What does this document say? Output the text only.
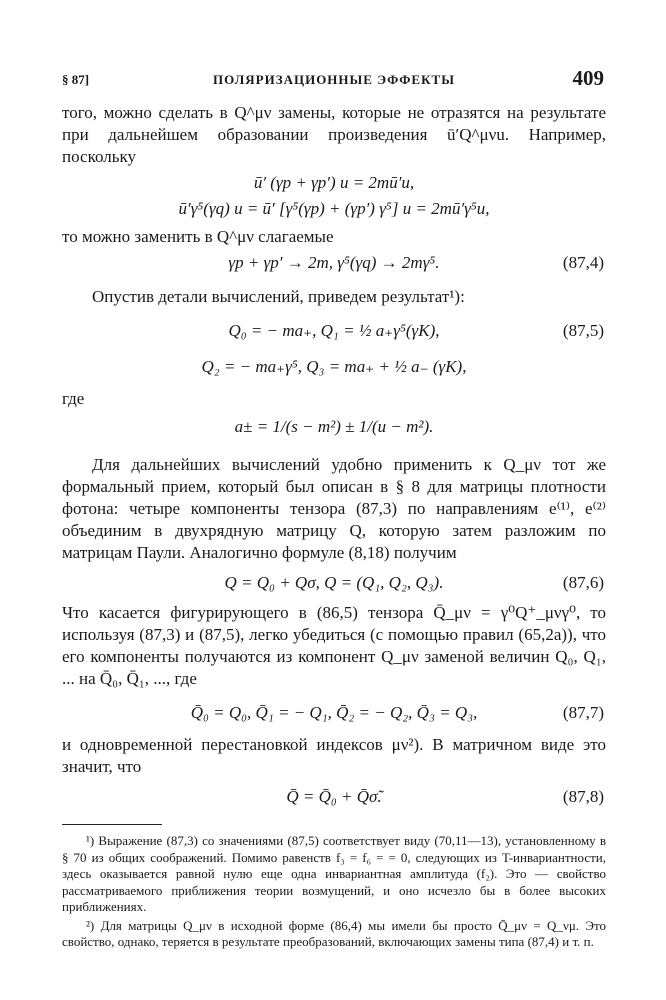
§ 87]	ПОЛЯРИЗАЦИОННЫЕ ЭФФЕКТЫ	409

того, можно сделать в Q^μν замены, которые не отразятся на результате при дальнейшем образовании произведения ū′Q^μνu. Например, поскольку

ū′ (γp + γp′) u = 2mū′u,
ū′γ⁵(γq) u = ū′ [γ⁵(γp) + (γp′) γ⁵] u = 2mū′γ⁵u,

то можно заменить в Q^μν слагаемые

γp + γp′ → 2m, γ⁵(γq) → 2mγ⁵.	(87,4)

Опустив детали вычислений, приведем результат¹):

Q₀ = − ma₊, Q₁ = ½ a₊γ⁵(γK),	(87,5)
Q₂ = − ma₊γ⁵, Q₃ = ma₊ + ½ a₋ (γK),

где

a± = 1/(s − m²) ± 1/(u − m²).

Для дальнейших вычислений удобно применить к Q_μν тот же формальный прием, который был описан в § 8 для матрицы плотности фотона: четыре компоненты тензора (87,3) по направлениям e⁽¹⁾, e⁽²⁾ объединим в двухрядную матрицу Q, которую затем разложим по матрицам Паули. Аналогично формуле (8,18) получим

Q = Q₀ + Qσ, Q = (Q₁, Q₂, Q₃).	(87,6)

Что касается фигурирующего в (86,5) тензора Q̄_μν = γ⁰Q⁺_μνγ⁰, то используя (87,3) и (87,5), легко убедиться (с помощью правил (65,2а)), что его компоненты получаются из компонент Q_μν заменой величин Q₀, Q₁, ... на Q̄₀, Q̄₁, ..., где

Q̄₀ = Q₀, Q̄₁ = − Q₁, Q̄₂ = − Q₂, Q̄₃ = Q₃,	(87,7)

и одновременной перестановкой индексов μν²). В матричном виде это значит, что

Q̄ = Q̄₀ + Q̄σ̃.	(87,8)

¹) Выражение (87,3) со значениями (87,5) соответствует виду (70,11—13), установленному в § 70 из общих соображений. Помимо равенств f₃ = f₆ = = 0, следующих из T-инвариантности, здесь оказывается равной нулю еще одна инвариантная амплитуда (f₂). Это — свойство рассматриваемого приближения теории возмущений, и оно исчезло бы в более высоких приближениях.

²) Для матрицы Q_μν в исходной форме (86,4) мы имели бы просто Q̄_μν = Q_νμ. Это свойство, однако, теряется в результате преобразований, включающих замены типа (87,4) и т. п.
